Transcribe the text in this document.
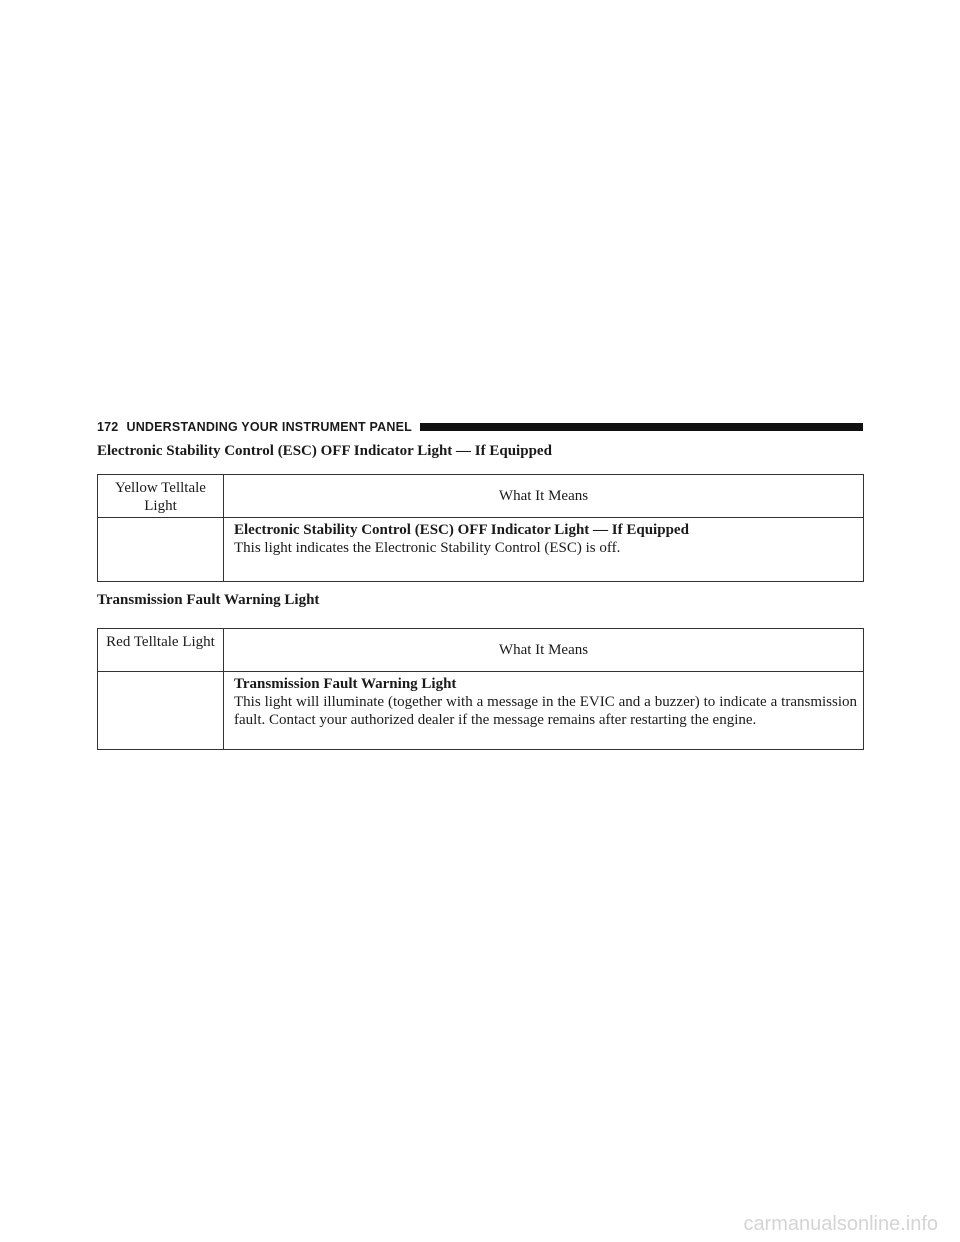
172 UNDERSTANDING YOUR INSTRUMENT PANEL
Electronic Stability Control (ESC) OFF Indicator Light — If Equipped
Yellow Telltale Light	What It Means

	Electronic Stability Control (ESC) OFF Indicator Light — If Equipped
This light indicates the Electronic Stability Control (ESC) is off.
Transmission Fault Warning Light
Red Telltale Light	What It Means

	Transmission Fault Warning Light
This light will illuminate (together with a message in the EVIC and a buzzer) to indicate a transmission fault. Contact your authorized dealer if the message remains after restarting the engine.
carmanualsonline.info
